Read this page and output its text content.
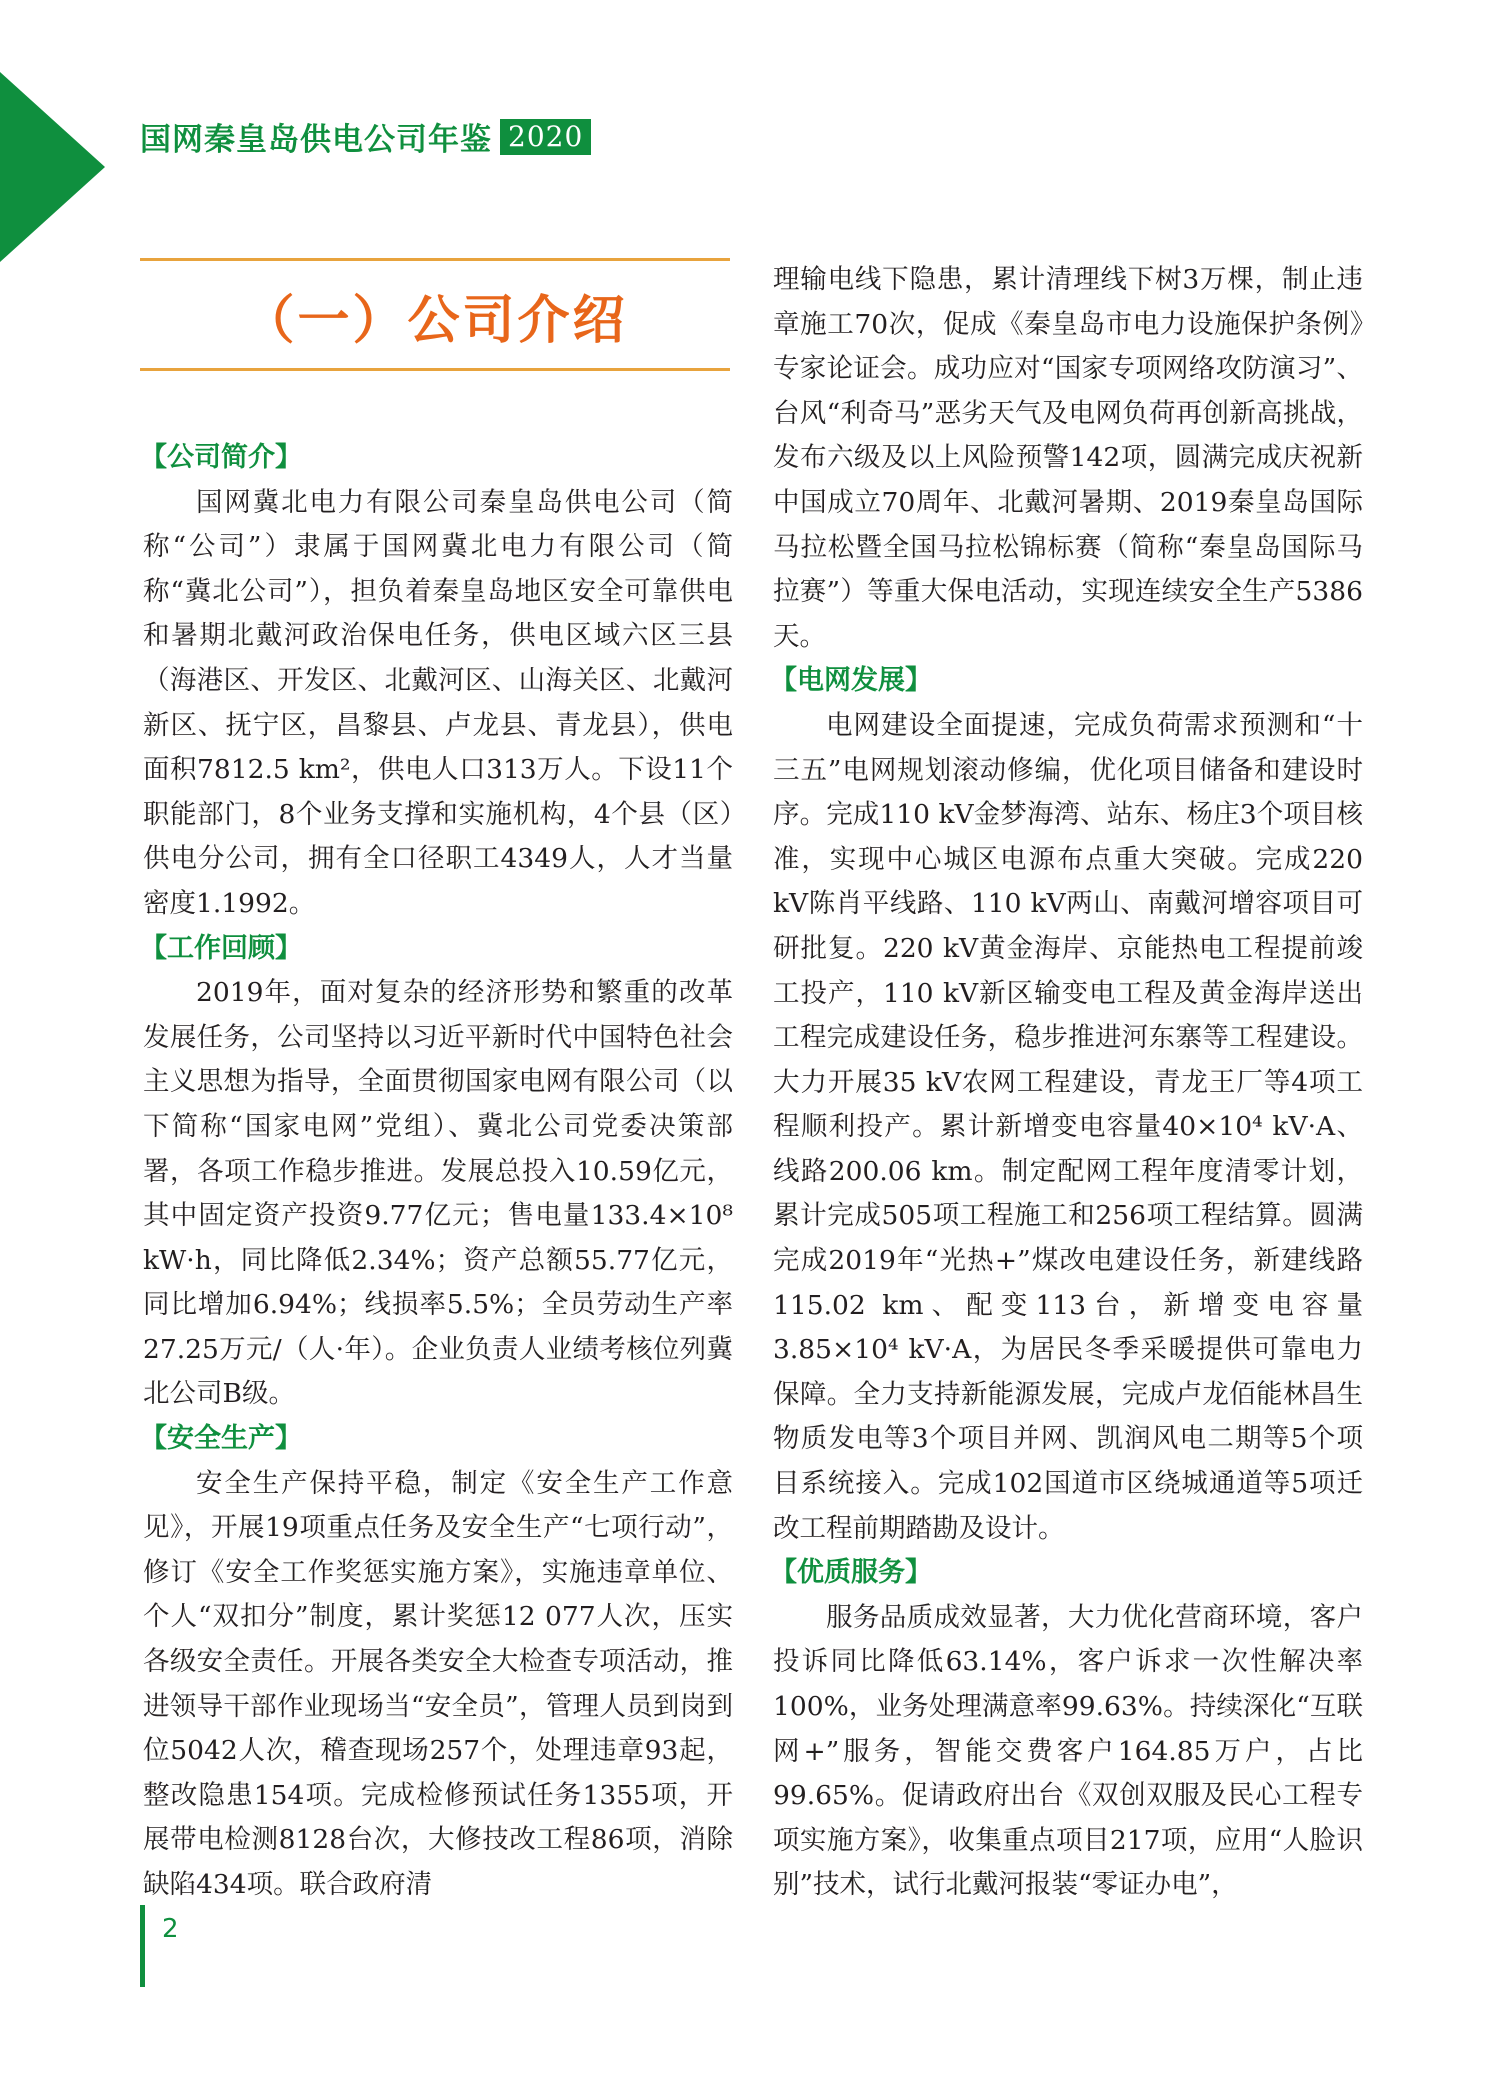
国网秦皇岛供电公司年鉴 2020
（一）公司介绍
【公司简介】

国网冀北电力有限公司秦皇岛供电公司（简称“公司”）隶属于国网冀北电力有限公司（简称“冀北公司”），担负着秦皇岛地区安全可靠供电和暑期北戴河政治保电任务，供电区域六区三县（海港区、开发区、北戴河区、山海关区、北戴河新区、抚宁区，昌黎县、卢龙县、青龙县），供电面积7812.5 km²，供电人口313万人。下设11个职能部门，8个业务支撑和实施机构，4个县（区）供电分公司，拥有全口径职工4349人，人才当量密度1.1992。

【工作回顾】

2019年，面对复杂的经济形势和繁重的改革发展任务，公司坚持以习近平新时代中国特色社会主义思想为指导，全面贯彻国家电网有限公司（以下简称“国家电网”党组）、冀北公司党委决策部署，各项工作稳步推进。发展总投入10.59亿元，其中固定资产投资9.77亿元；售电量133.4×10⁸ kW·h，同比降低2.34%；资产总额55.77亿元，同比增加6.94%；线损率5.5%；全员劳动生产率27.25万元/（人·年）。企业负责人业绩考核位列冀北公司B级。

【安全生产】

安全生产保持平稳，制定《安全生产工作意见》，开展19项重点任务及安全生产“七项行动”，修订《安全工作奖惩实施方案》，实施违章单位、个人“双扣分”制度，累计奖惩12 077人次，压实各级安全责任。开展各类安全大检查专项活动，推进领导干部作业现场当“安全员”，管理人员到岗到位5042人次，稽查现场257个，处理违章93起，整改隐患154项。完成检修预试任务1355项，开展带电检测8128台次，大修技改工程86项，消除缺陷434项。联合政府清

理输电线下隐患，累计清理线下树3万棵，制止违章施工70次，促成《秦皇岛市电力设施保护条例》专家论证会。成功应对“国家专项网络攻防演习”、台风“利奇马”恶劣天气及电网负荷再创新高挑战，发布六级及以上风险预警142项，圆满完成庆祝新中国成立70周年、北戴河暑期、2019秦皇岛国际马拉松暨全国马拉松锦标赛（简称“秦皇岛国际马拉赛”）等重大保电活动，实现连续安全生产5386天。

【电网发展】

电网建设全面提速，完成负荷需求预测和“十三五”电网规划滚动修编，优化项目储备和建设时序。完成110 kV金梦海湾、站东、杨庄3个项目核准，实现中心城区电源布点重大突破。完成220 kV陈肖平线路、110 kV两山、南戴河增容项目可研批复。220 kV黄金海岸、京能热电工程提前竣工投产，110 kV新区输变电工程及黄金海岸送出工程完成建设任务，稳步推进河东寨等工程建设。大力开展35 kV农网工程建设，青龙王厂等4项工程顺利投产。累计新增变电容量40×10⁴ kV·A、线路200.06 km。制定配网工程年度清零计划，累计完成505项工程施工和256项工程结算。圆满完成2019年“光热+”煤改电建设任务，新建线路115.02 km、配变113台，新增变电容量3.85×10⁴ kV·A，为居民冬季采暖提供可靠电力保障。全力支持新能源发展，完成卢龙佰能林昌生物质发电等3个项目并网、凯润风电二期等5个项目系统接入。完成102国道市区绕城通道等5项迁改工程前期踏勘及设计。

【优质服务】

服务品质成效显著，大力优化营商环境，客户投诉同比降低63.14%，客户诉求一次性解决率100%，业务处理满意率99.63%。持续深化“互联网+”服务，智能交费客户164.85万户，占比99.65%。促请政府出台《双创双服及民心工程专项实施方案》，收集重点项目217项，应用“人脸识别”技术，试行北戴河报装“零证办电”，

2
